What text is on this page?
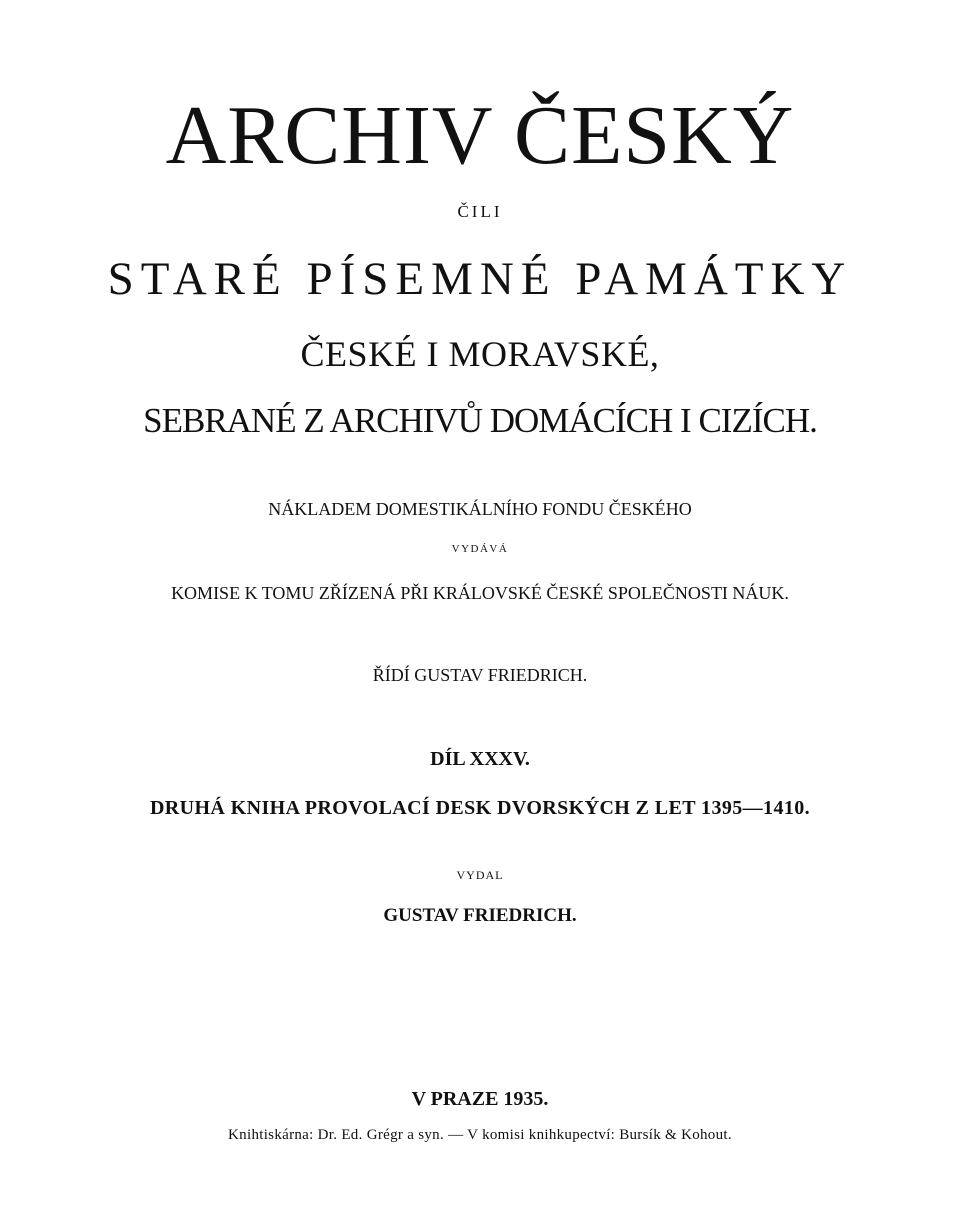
ARCHIV ČESKÝ
ČILI
STARÉ PÍSEMNÉ PAMÁTKY
ČESKÉ I MORAVSKÉ,
SEBRANÉ Z ARCHIVŮ DOMÁCÍCH I CIZÍCH.
NÁKLADEM DOMESTIKÁLNÍHO FONDU ČESKÉHO
VYDÁVÁ
KOMISE K TOMU ZŘÍZENÁ PŘI KRÁLOVSKÉ ČESKÉ SPOLEČNOSTI NÁUK.
ŘÍDÍ GUSTAV FRIEDRICH.
DÍL XXXV.
DRUHÁ KNIHA PROVOLACÍ DESK DVORSKÝCH Z LET 1395—1410.
VYDAL
GUSTAV FRIEDRICH.
V PRAZE 1935.
Knihtiskárna: Dr. Ed. Grégr a syn. — V komisi knihkupectví: Bursík & Kohout.
